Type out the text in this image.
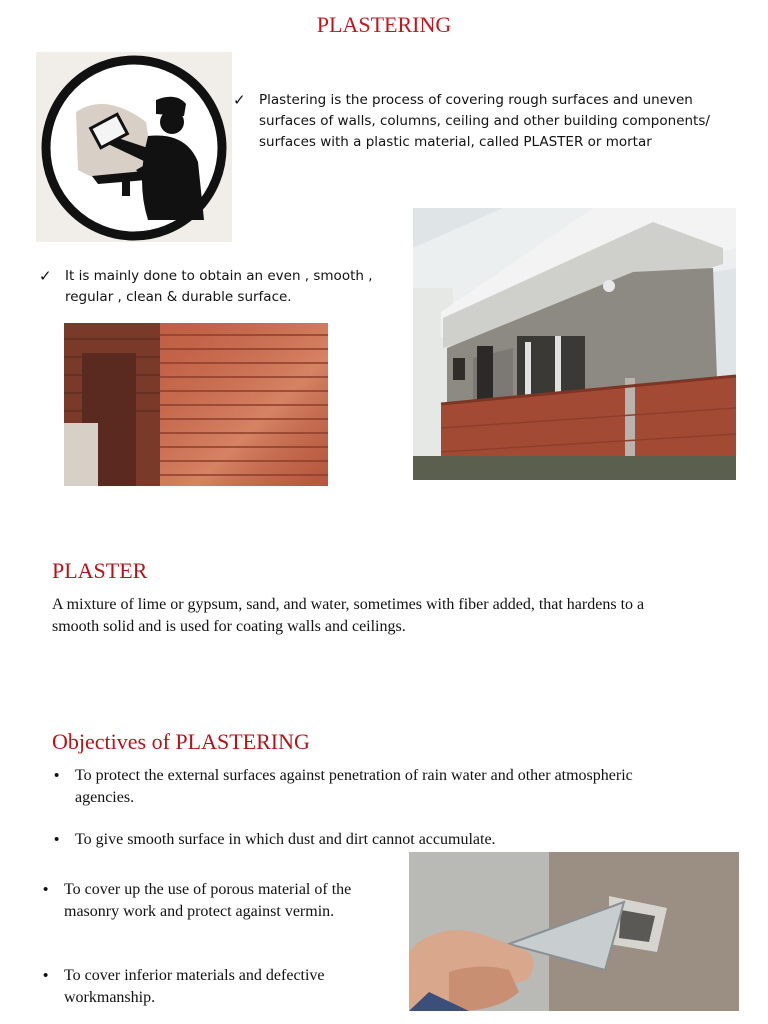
PLASTERING
✓ Plastering is the process of covering rough surfaces and uneven surfaces of walls, columns, ceiling and other building components/ surfaces with a plastic material, called PLASTER or mortar
✓ It is mainly done to obtain an even , smooth , regular , clean & durable surface.
PLASTER
A mixture of lime or gypsum, sand, and water, sometimes with fiber added, that hardens to a smooth solid and is used for coating walls and ceilings.
Objectives of PLASTERING
• To protect the external surfaces against penetration of rain water and other atmospheric agencies.
• To give smooth surface in which dust and dirt cannot accumulate.
• To cover up the use of porous material of the masonry work and protect against vermin.
• To cover inferior materials and defective workmanship.
